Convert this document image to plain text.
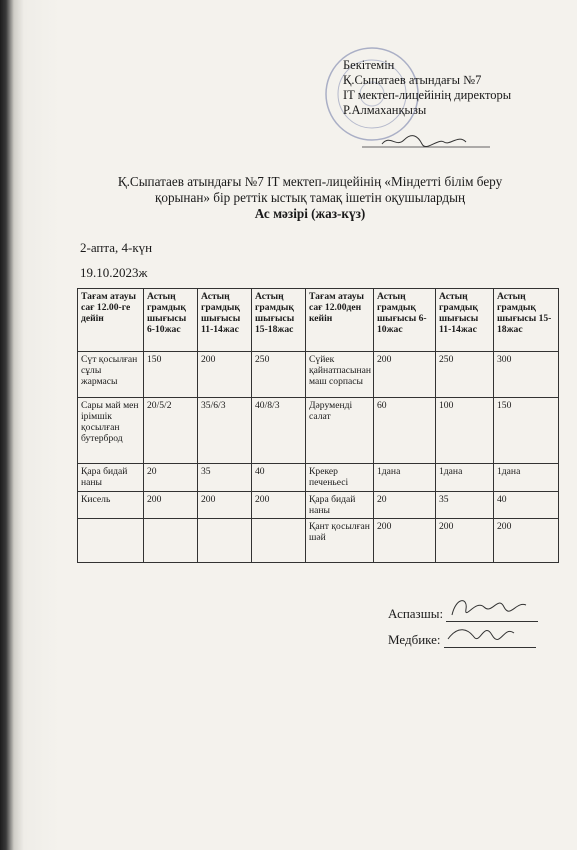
Бекітемін
Қ.Сыпатаев атындағы №7
IT мектеп-лицейінің директоры
Р.Алмаханқызы
Қ.Сыпатаев атындағы №7 IT мектеп-лицейінің «Міндетті білім беру
қорынан» бір реттік ыстық тамақ ішетін оқушылардың
Ас мәзірі (жаз-күз)
2-апта, 4-күн
19.10.2023ж
Тағам атауы сағ 12.00-ге дейін	Астың грамдық шығысы 6-10жас	Астың грамдық шығысы 11-14жас	Астың грамдық шығысы 15-18жас	Тағам атауы сағ 12.00ден кейін	Астың грамдық шығысы 6-10жас	Астың грамдық шығысы 11-14жас	Астың грамдық шығысы 15-18жас
Сүт қосылған сұлы жармасы	150	200	250	Сүйек қайнатпасынан маш сорпасы	200	250	300
Сары май мен ірімшік қосылған бутерброд	20/5/2	35/6/3	40/8/3	Дәруменді салат	60	100	150
Қара бидай наны	20	35	40	Крекер печеньесі	1дана	1дана	1дана
Кисель	200	200	200	Қара бидай наны	20	35	40
				Қант қосылған шәй	200	200	200
Аспазшы:
Медбике:
